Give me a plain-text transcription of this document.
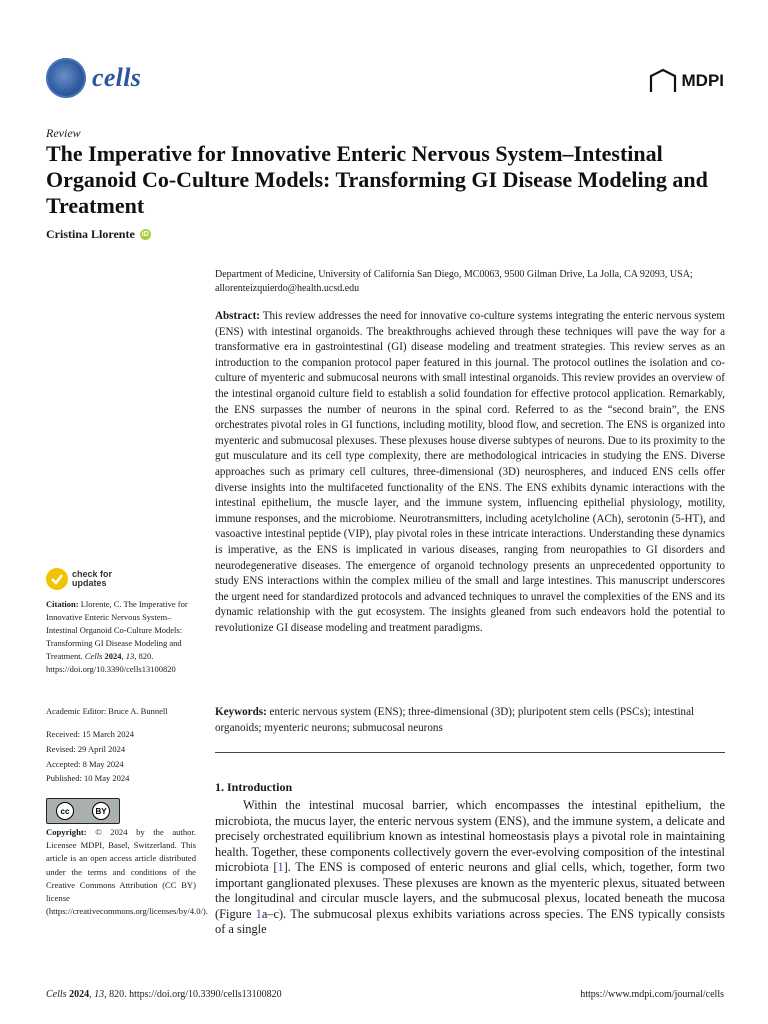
cells	MDPI
Review
The Imperative for Innovative Enteric Nervous System–Intestinal Organoid Co-Culture Models: Transforming GI Disease Modeling and Treatment
Cristina Llorente iD
Department of Medicine, University of California San Diego, MC0063, 9500 Gilman Drive, La Jolla, CA 92093, USA; allorenteizquierdo@health.ucsd.edu
Abstract: This review addresses the need for innovative co-culture systems integrating the enteric nervous system (ENS) with intestinal organoids. The breakthroughs achieved through these techniques will pave the way for a transformative era in gastrointestinal (GI) disease modeling and treatment strategies. This review serves as an introduction to the companion protocol paper featured in this journal. The protocol outlines the isolation and co-culture of myenteric and submucosal neurons with small intestinal organoids. This review provides an overview of the intestinal organoid culture field to establish a solid foundation for effective protocol application. Remarkably, the ENS surpasses the number of neurons in the spinal cord. Referred to as the “second brain”, the ENS orchestrates pivotal roles in GI functions, including motility, blood flow, and secretion. The ENS is organized into myenteric and submucosal plexuses. These plexuses house diverse subtypes of neurons. Due to its proximity to the gut musculature and its cell type complexity, there are methodological intricacies in studying the ENS. Diverse approaches such as primary cell cultures, three-dimensional (3D) neurospheres, and induced ENS cells offer diverse insights into the multifaceted functionality of the ENS. The ENS exhibits dynamic interactions with the intestinal epithelium, the muscle layer, and the immune system, influencing epithelial physiology, motility, immune responses, and the microbiome. Neurotransmitters, including acetylcholine (ACh), serotonin (5-HT), and vasoactive intestinal peptide (VIP), play pivotal roles in these intricate interactions. Understanding these dynamics is imperative, as the ENS is implicated in various diseases, ranging from neuropathies to GI disorders and neurodegenerative diseases. The emergence of organoid technology presents an unprecedented opportunity to study ENS interactions within the complex milieu of the small and large intestines. This manuscript underscores the urgent need for standardized protocols and advanced techniques to unravel the complexities of the ENS and its dynamic relationship with the gut ecosystem. The insights gleaned from such endeavors hold the potential to revolutionize GI disease modeling and treatment paradigms.
Keywords: enteric nervous system (ENS); three-dimensional (3D); pluripotent stem cells (PSCs); intestinal organoids; myenteric neurons; submucosal neurons
check for
updates
Citation: Llorente, C. The Imperative for Innovative Enteric Nervous System–Intestinal Organoid Co-Culture Models: Transforming GI Disease Modeling and Treatment. Cells 2024, 13, 820. https://doi.org/10.3390/cells13100820
Academic Editor: Bruce A. Bunnell
Received: 15 March 2024
Revised: 29 April 2024
Accepted: 8 May 2024
Published: 10 May 2024
cc	BY
Copyright: © 2024 by the author. Licensee MDPI, Basel, Switzerland. This article is an open access article distributed under the terms and conditions of the Creative Commons Attribution (CC BY) license (https://creativecommons.org/licenses/by/4.0/).
1. Introduction
Within the intestinal mucosal barrier, which encompasses the intestinal epithelium, the microbiota, the mucus layer, the enteric nervous system (ENS), and the immune system, a delicate and precisely orchestrated equilibrium known as intestinal homeostasis plays a pivotal role in maintaining health. Together, these components collectively govern the ever-evolving composition of the intestinal microbiota [1]. The ENS is composed of enteric neurons and glial cells, which, together, form two important ganglionated plexuses. These plexuses are known as the myenteric plexus, situated between the longitudinal and circular muscle layers, and the submucosal plexus, located beneath the mucosa (Figure 1a–c). The submucosal plexus exhibits variations across species. The ENS typically consists of a single
Cells 2024, 13, 820. https://doi.org/10.3390/cells13100820	https://www.mdpi.com/journal/cells
